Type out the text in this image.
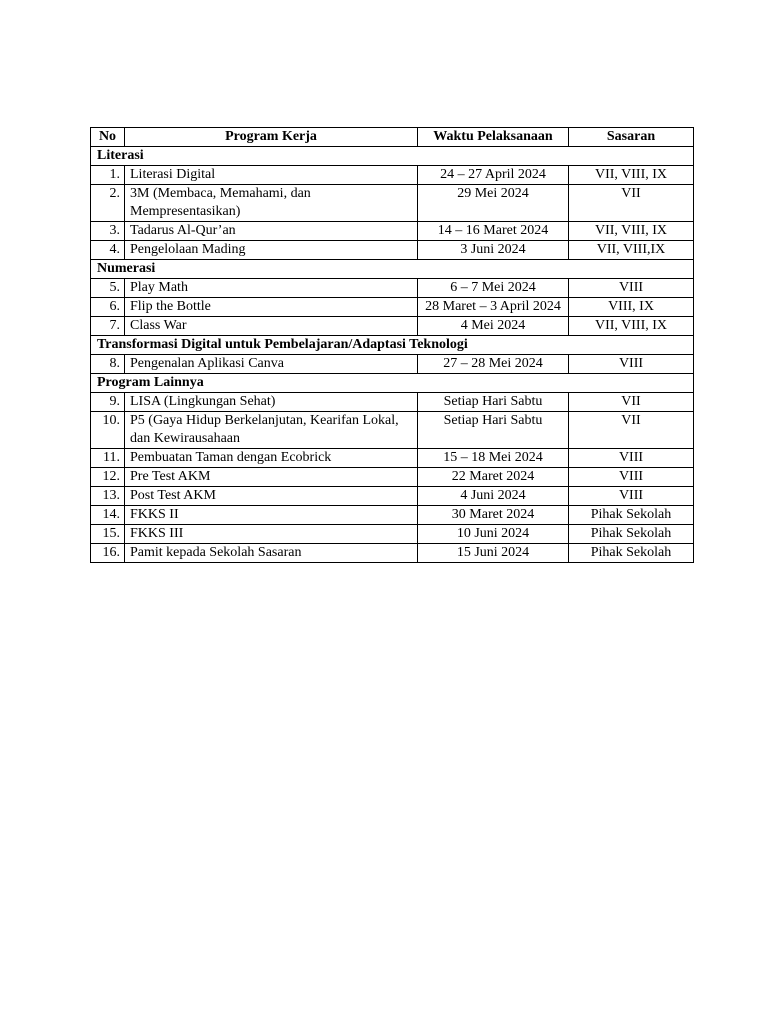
No	Program Kerja	Waktu Pelaksanaan	Sasaran
Literasi			
1.	Literasi Digital	24 – 27 April 2024	VII, VIII, IX
2.	3M (Membaca, Memahami, dan Mempresentasikan)	29 Mei 2024	VII
3.	Tadarus Al-Qur’an	14 – 16 Maret 2024	VII, VIII, IX
4.	Pengelolaan Mading	3 Juni 2024	VII, VIII,IX
Numerasi			
5.	Play Math	6 – 7 Mei 2024	VIII
6.	Flip the Bottle	28 Maret – 3 April 2024	VIII, IX
7.	Class War	4 Mei 2024	VII, VIII, IX
Transformasi Digital untuk Pembelajaran/Adaptasi Teknologi			
8.	Pengenalan Aplikasi Canva	27 – 28 Mei 2024	VIII
Program Lainnya			
9.	LISA (Lingkungan Sehat)	Setiap Hari Sabtu	VII
10.	P5 (Gaya Hidup Berkelanjutan, Kearifan Lokal, dan Kewirausahaan	Setiap Hari Sabtu	VII
11.	Pembuatan Taman dengan Ecobrick	15 – 18 Mei 2024	VIII
12.	Pre Test AKM	22 Maret 2024	VIII
13.	Post Test AKM	4 Juni 2024	VIII
14.	FKKS II	30 Maret 2024	Pihak Sekolah
15.	FKKS III	10 Juni 2024	Pihak Sekolah
16.	Pamit kepada Sekolah Sasaran	15 Juni 2024	Pihak Sekolah
